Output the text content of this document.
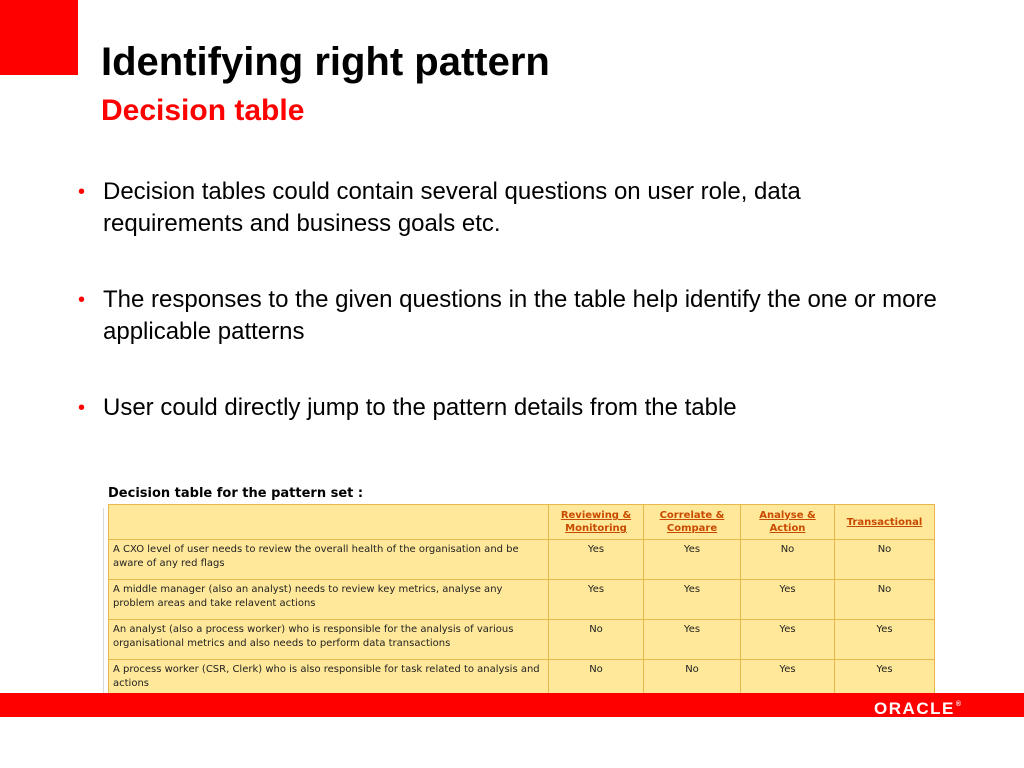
Identifying right pattern
Decision table
• Decision tables could contain several questions on user role, data requirements and business goals etc.
• The responses to the given questions in the table help identify the one or more applicable patterns
• User could directly jump to the pattern details from the table
Decision table for the pattern set :
	Reviewing & Monitoring	Correlate & Compare	Analyse & Action	Transactional
A CXO level of user needs to review the overall health of the organisation and be aware of any red flags	Yes	Yes	No	No
A middle manager (also an analyst) needs to review key metrics, analyse any problem areas and take relavent actions	Yes	Yes	Yes	No
An analyst (also a process worker) who is responsible for the analysis of various organisational metrics and also needs to perform data transactions	No	Yes	Yes	Yes
A process worker (CSR, Clerk) who is also responsible for task related to analysis and actions	No	No	Yes	Yes
ORACLE®
